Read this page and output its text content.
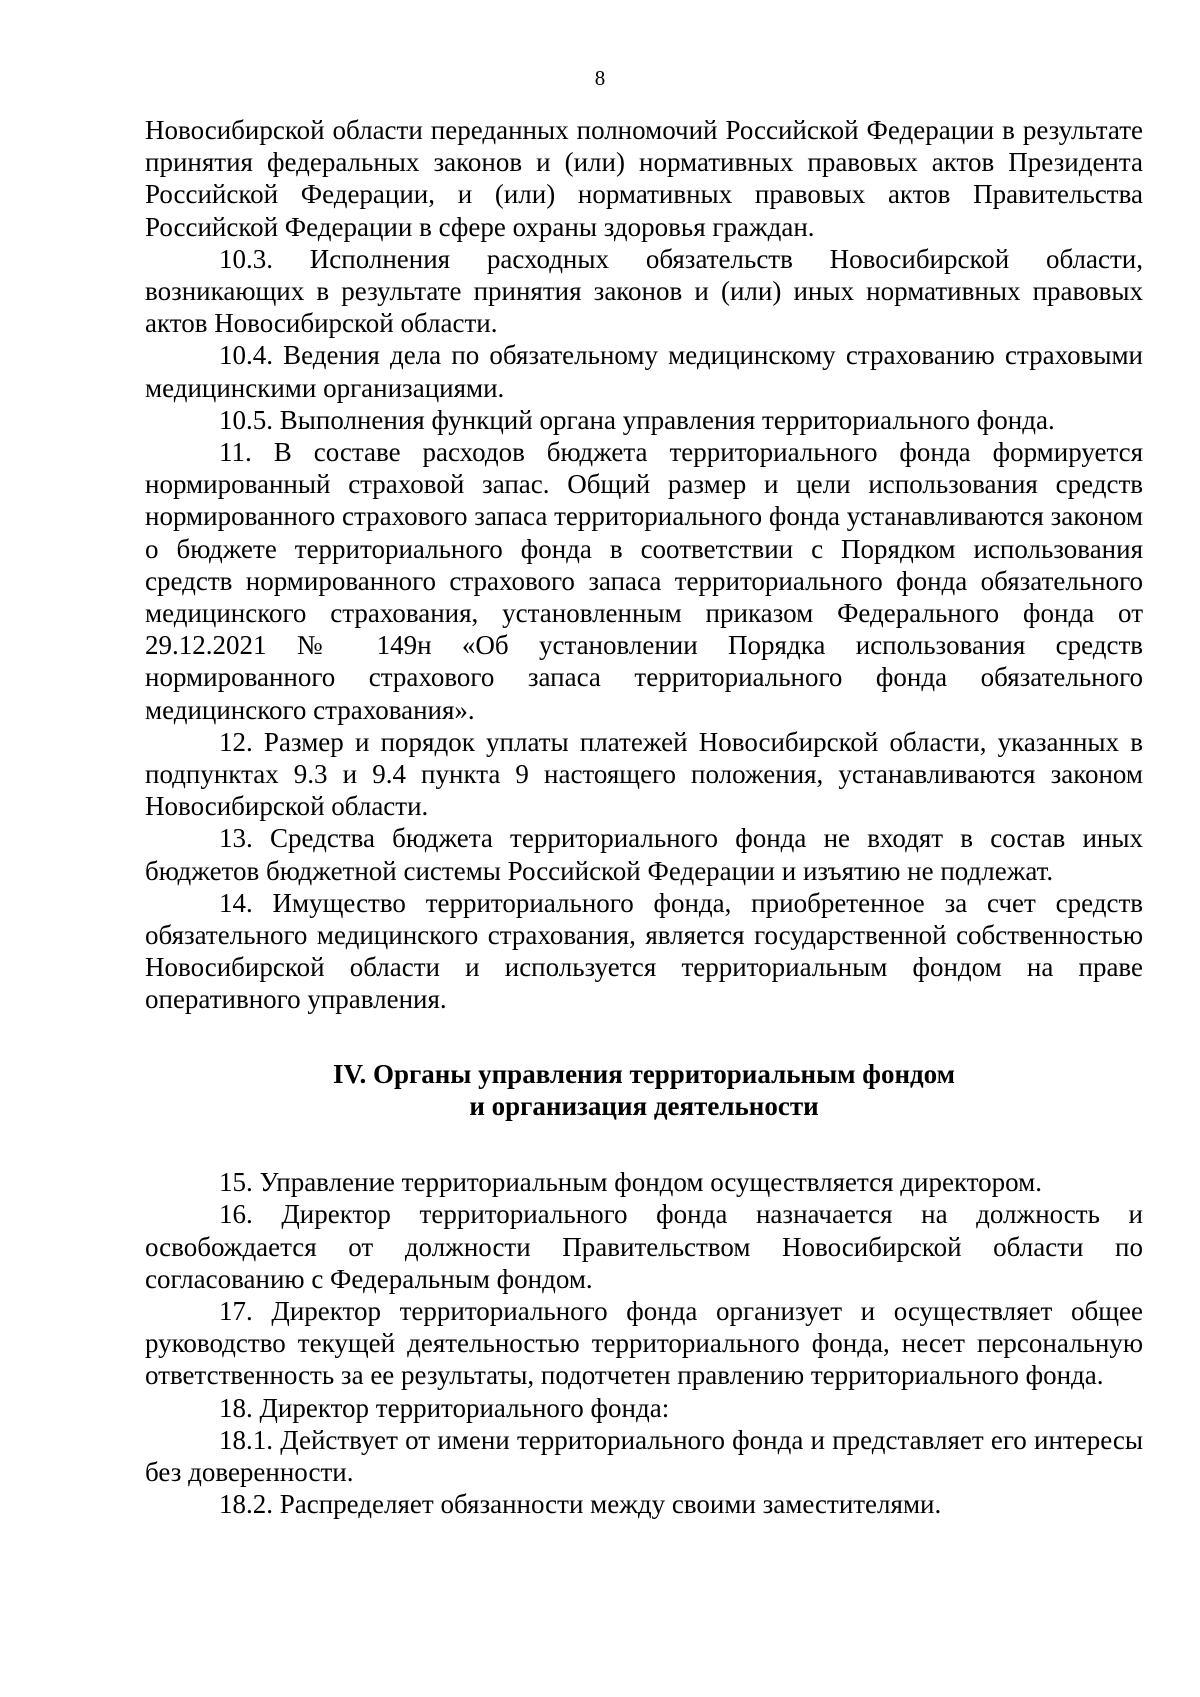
8

Новосибирской области переданных полномочий Российской Федерации в результате принятия федеральных законов и (или) нормативных правовых актов Президента Российской Федерации, и (или) нормативных правовых актов Правительства Российской Федерации в сфере охраны здоровья граждан.

10.3. Исполнения расходных обязательств Новосибирской области, возникающих в результате принятия законов и (или) иных нормативных правовых актов Новосибирской области.

10.4. Ведения дела по обязательному медицинскому страхованию страховыми медицинскими организациями.

10.5. Выполнения функций органа управления территориального фонда.

11. В составе расходов бюджета территориального фонда формируется нормированный страховой запас. Общий размер и цели использования средств нормированного страхового запаса территориального фонда устанавливаются законом о бюджете территориального фонда в соответствии с Порядком использования средств нормированного страхового запаса территориального фонда обязательного медицинского страхования, установленным приказом Федерального фонда от 29.12.2021 № 149н «Об установлении Порядка использования средств нормированного страхового запаса территориального фонда обязательного медицинского страхования».

12. Размер и порядок уплаты платежей Новосибирской области, указанных в подпунктах 9.3 и 9.4 пункта 9 настоящего положения, устанавливаются законом Новосибирской области.

13. Средства бюджета территориального фонда не входят в состав иных бюджетов бюджетной системы Российской Федерации и изъятию не подлежат.

14. Имущество территориального фонда, приобретенное за счет средств обязательного медицинского страхования, является государственной собственностью Новосибирской области и используется территориальным фондом на праве оперативного управления.

IV. Органы управления территориальным фондом
и организация деятельности

15. Управление территориальным фондом осуществляется директором.

16. Директор территориального фонда назначается на должность и освобождается от должности Правительством Новосибирской области по согласованию с Федеральным фондом.

17. Директор территориального фонда организует и осуществляет общее руководство текущей деятельностью территориального фонда, несет персональную ответственность за ее результаты, подотчетен правлению территориального фонда.

18. Директор территориального фонда:

18.1. Действует от имени территориального фонда и представляет его интересы без доверенности.

18.2. Распределяет обязанности между своими заместителями.
